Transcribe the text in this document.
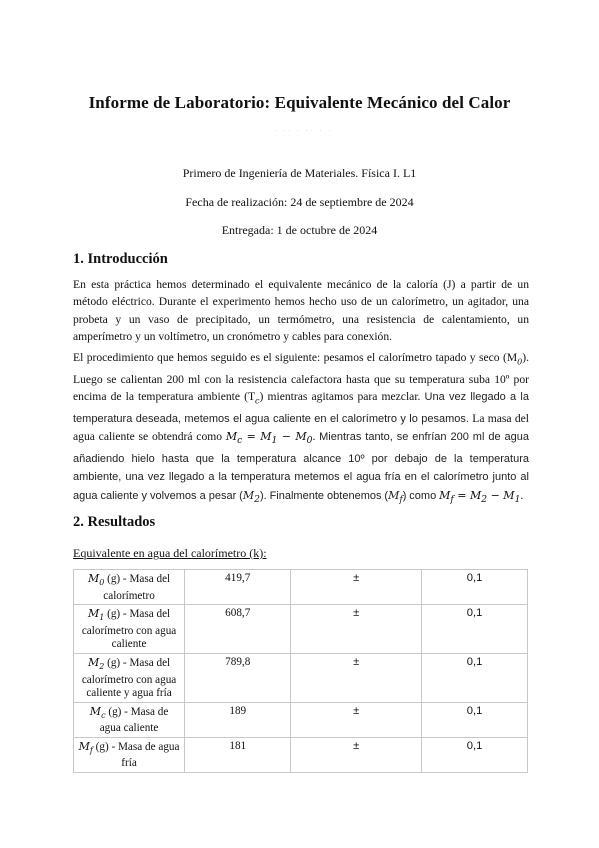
Informe de Laboratorio: Equivalente Mecánico del Calor
· · ·· · ·· · ·
Primero de Ingeniería de Materiales. Física I. L1
Fecha de realización: 24 de septiembre de 2024
Entregada: 1 de octubre de 2024
1. Introducción
En esta práctica hemos determinado el equivalente mecánico de la caloría (J) a partir de un método eléctrico. Durante el experimento hemos hecho uso de un calorímetro, un agitador, una probeta y un vaso de precipitado, un termómetro, una resistencia de calentamiento, un amperímetro y un voltímetro, un cronómetro y cables para conexión.
El procedimiento que hemos seguido es el siguiente: pesamos el calorímetro tapado y seco $(M_0)$. Luego se calientan 200 ml con la resistencia calefactora hasta que su temperatura suba 10º por encima de la temperatura ambiente $(T_c)$ mientras agitamos para mezclar. Una vez llegado a la temperatura deseada, metemos el agua caliente en el calorímetro y lo pesamos. La masa del agua caliente se obtendrá como $M_c = M_1 - M_0$. Mientras tanto, se enfrían 200 ml de agua añadiendo hielo hasta que la temperatura alcance 10º por debajo de la temperatura ambiente, una vez llegado a la temperatura metemos el agua fría en el calorímetro junto al agua caliente y volvemos a pesar $(M_2)$. Finalmente obtenemos $(M_f)$ como $M_f = M_2 - M_1$.
2. Resultados
Equivalente en agua del calorímetro (k):
$M_0$ (g) - Masa del calorímetro	419,7	±	0,1
$M_1$ (g) - Masa del calorímetro con agua caliente	608,7	±	0,1
$M_2$ (g) - Masa del calorímetro con agua caliente y agua fría	789,8	±	0,1
$M_c$ (g) - Masa de agua caliente	189	±	0,1
$M_f$ (g) - Masa de agua fría	181	±	0,1
